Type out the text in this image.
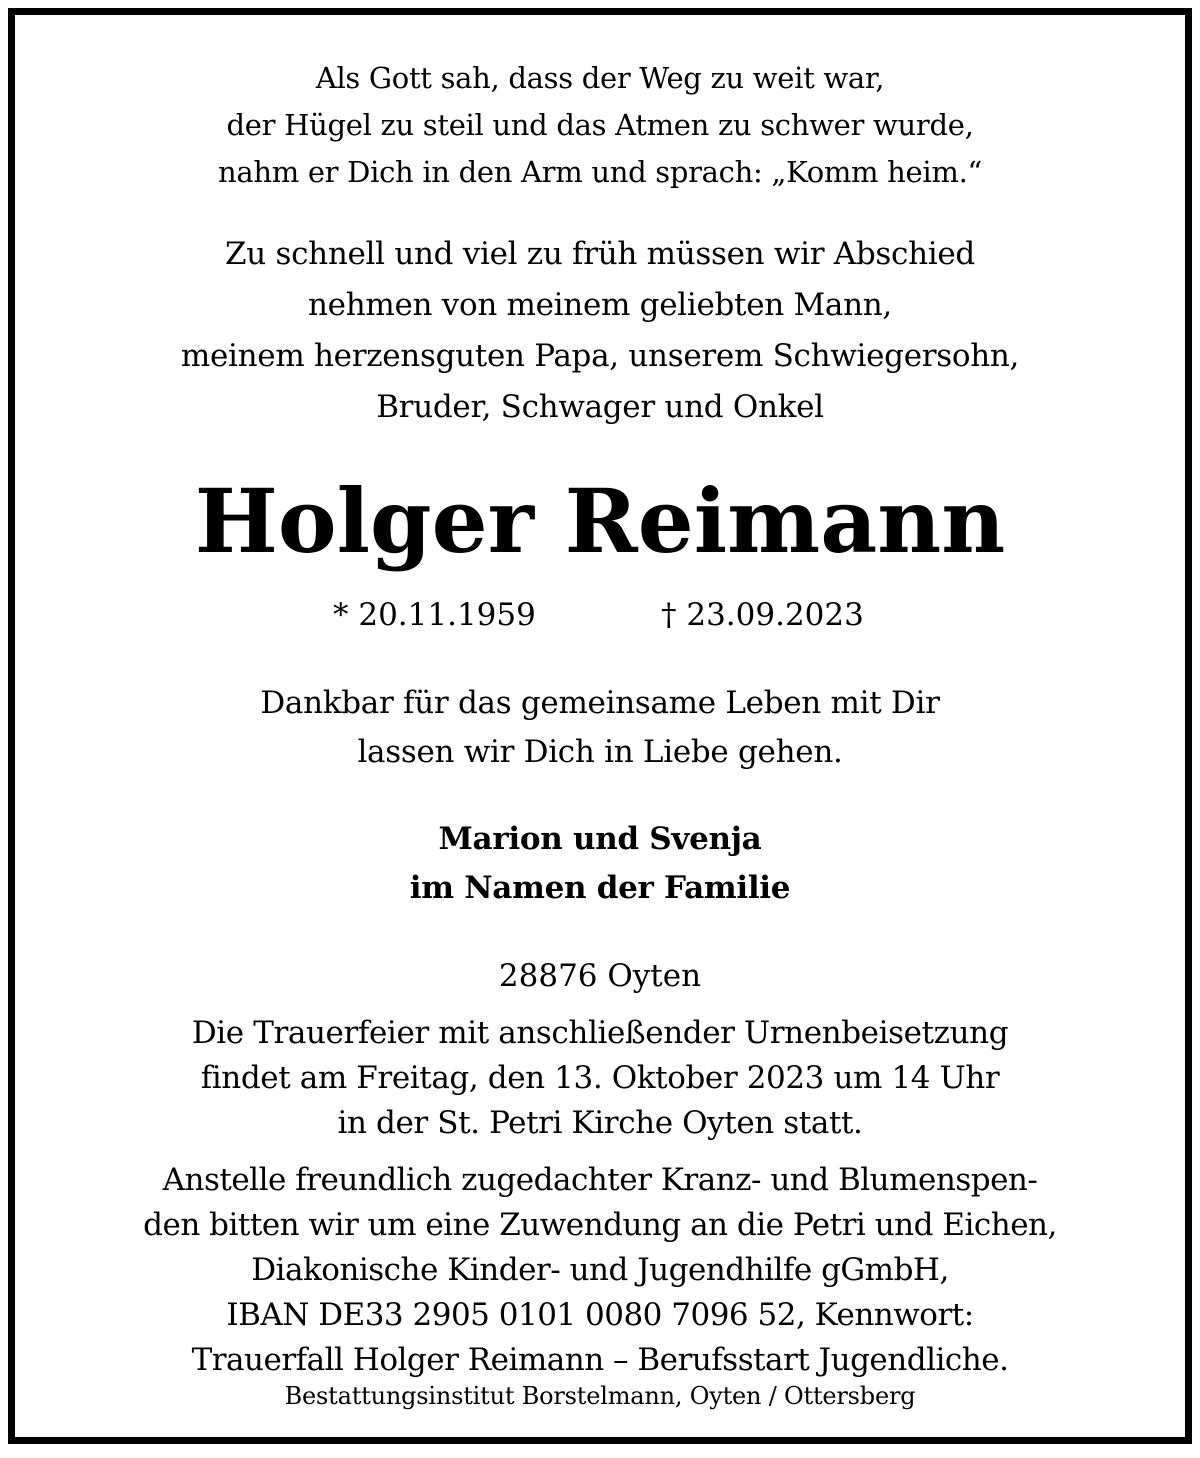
Als Gott sah, dass der Weg zu weit war,
der Hügel zu steil und das Atmen zu schwer wurde,
nahm er Dich in den Arm und sprach: „Komm heim.“
Zu schnell und viel zu früh müssen wir Abschied
nehmen von meinem geliebten Mann,
meinem herzensguten Papa, unserem Schwiegersohn,
Bruder, Schwager und Onkel
Holger Reimann
* 20.11.1959	† 23.09.2023
Dankbar für das gemeinsame Leben mit Dir
lassen wir Dich in Liebe gehen.
Marion und Svenja
im Namen der Familie
28876 Oyten
Die Trauerfeier mit anschließender Urnenbeisetzung
findet am Freitag, den 13. Oktober 2023 um 14 Uhr
in der St. Petri Kirche Oyten statt.
Anstelle freundlich zugedachter Kranz- und Blumenspen-
den bitten wir um eine Zuwendung an die Petri und Eichen,
Diakonische Kinder- und Jugendhilfe gGmbH,
IBAN DE33 2905 0101 0080 7096 52, Kennwort:
Trauerfall Holger Reimann – Berufsstart Jugendliche.
Bestattungsinstitut Borstelmann, Oyten / Ottersberg
